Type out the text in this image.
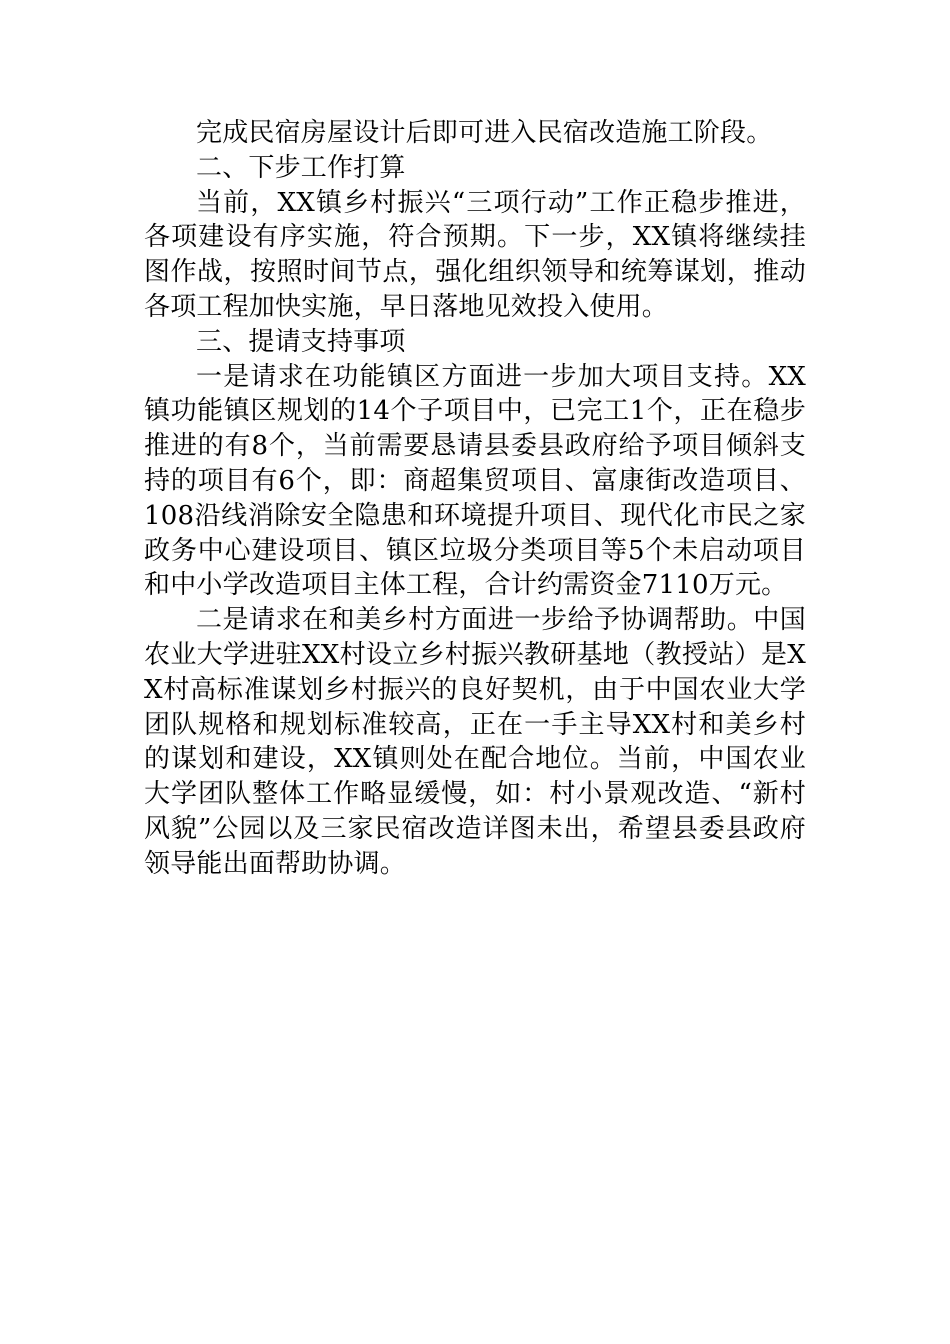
完成民宿房屋设计后即可进入民宿改造施工阶段。

二、下步工作打算

当前，XX镇乡村振兴“三项行动”工作正稳步推进，各项建设有序实施，符合预期。下一步，XX镇将继续挂图作战，按照时间节点，强化组织领导和统筹谋划，推动各项工程加快实施，早日落地见效投入使用。

三、提请支持事项

一是请求在功能镇区方面进一步加大项目支持。XX镇功能镇区规划的14个子项目中，已完工1个，正在稳步推进的有8个，当前需要恳请县委县政府给予项目倾斜支持的项目有6个，即：商超集贸项目、富康街改造项目、108沿线消除安全隐患和环境提升项目、现代化市民之家政务中心建设项目、镇区垃圾分类项目等5个未启动项目和中小学改造项目主体工程，合计约需资金7110万元。

二是请求在和美乡村方面进一步给予协调帮助。中国农业大学进驻XX村设立乡村振兴教研基地（教授站）是XX村高标准谋划乡村振兴的良好契机，由于中国农业大学团队规格和规划标准较高，正在一手主导XX村和美乡村的谋划和建设，XX镇则处在配合地位。当前，中国农业大学团队整体工作略显缓慢，如：村小景观改造、“新村风貌”公园以及三家民宿改造详图未出，希望县委县政府领导能出面帮助协调。
